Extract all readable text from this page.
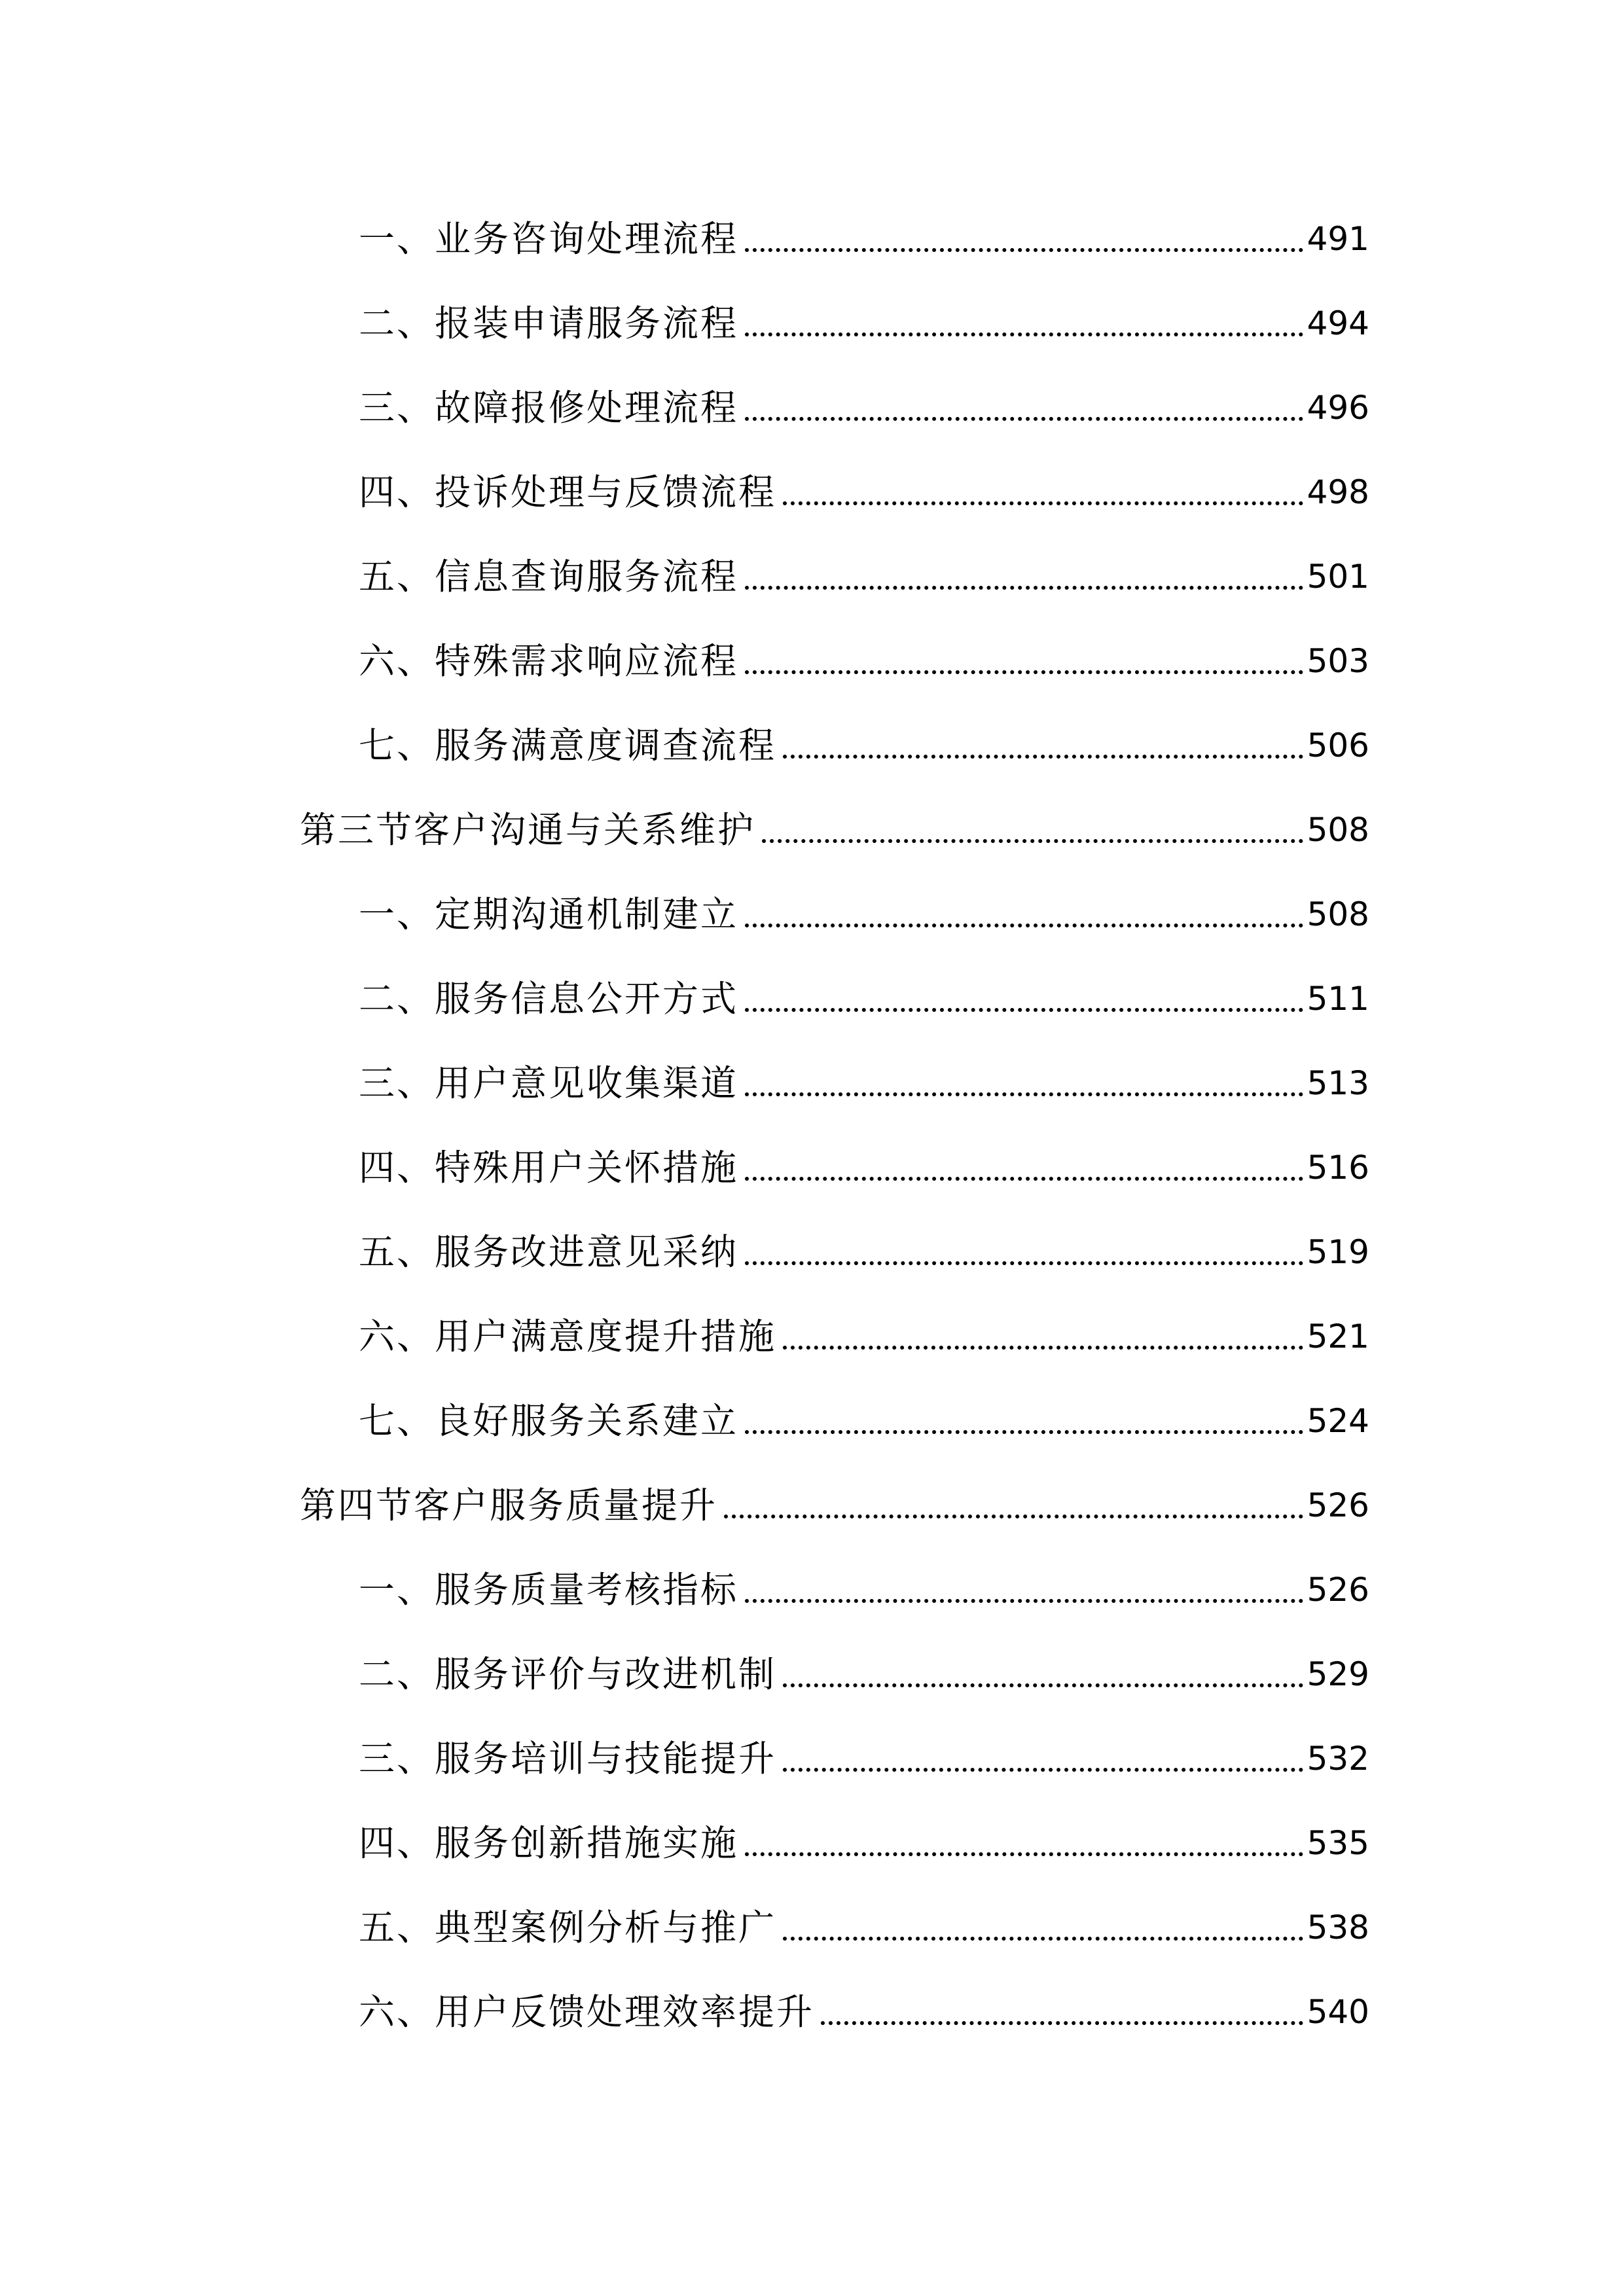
一、业务咨询处理流程	491
二、报装申请服务流程	494
三、故障报修处理流程	496
四、投诉处理与反馈流程	498
五、信息查询服务流程	501
六、特殊需求响应流程	503
七、服务满意度调查流程	506
第三节客户沟通与关系维护	508
一、定期沟通机制建立	508
二、服务信息公开方式	511
三、用户意见收集渠道	513
四、特殊用户关怀措施	516
五、服务改进意见采纳	519
六、用户满意度提升措施	521
七、良好服务关系建立	524
第四节客户服务质量提升	526
一、服务质量考核指标	526
二、服务评价与改进机制	529
三、服务培训与技能提升	532
四、服务创新措施实施	535
五、典型案例分析与推广	538
六、用户反馈处理效率提升	540
